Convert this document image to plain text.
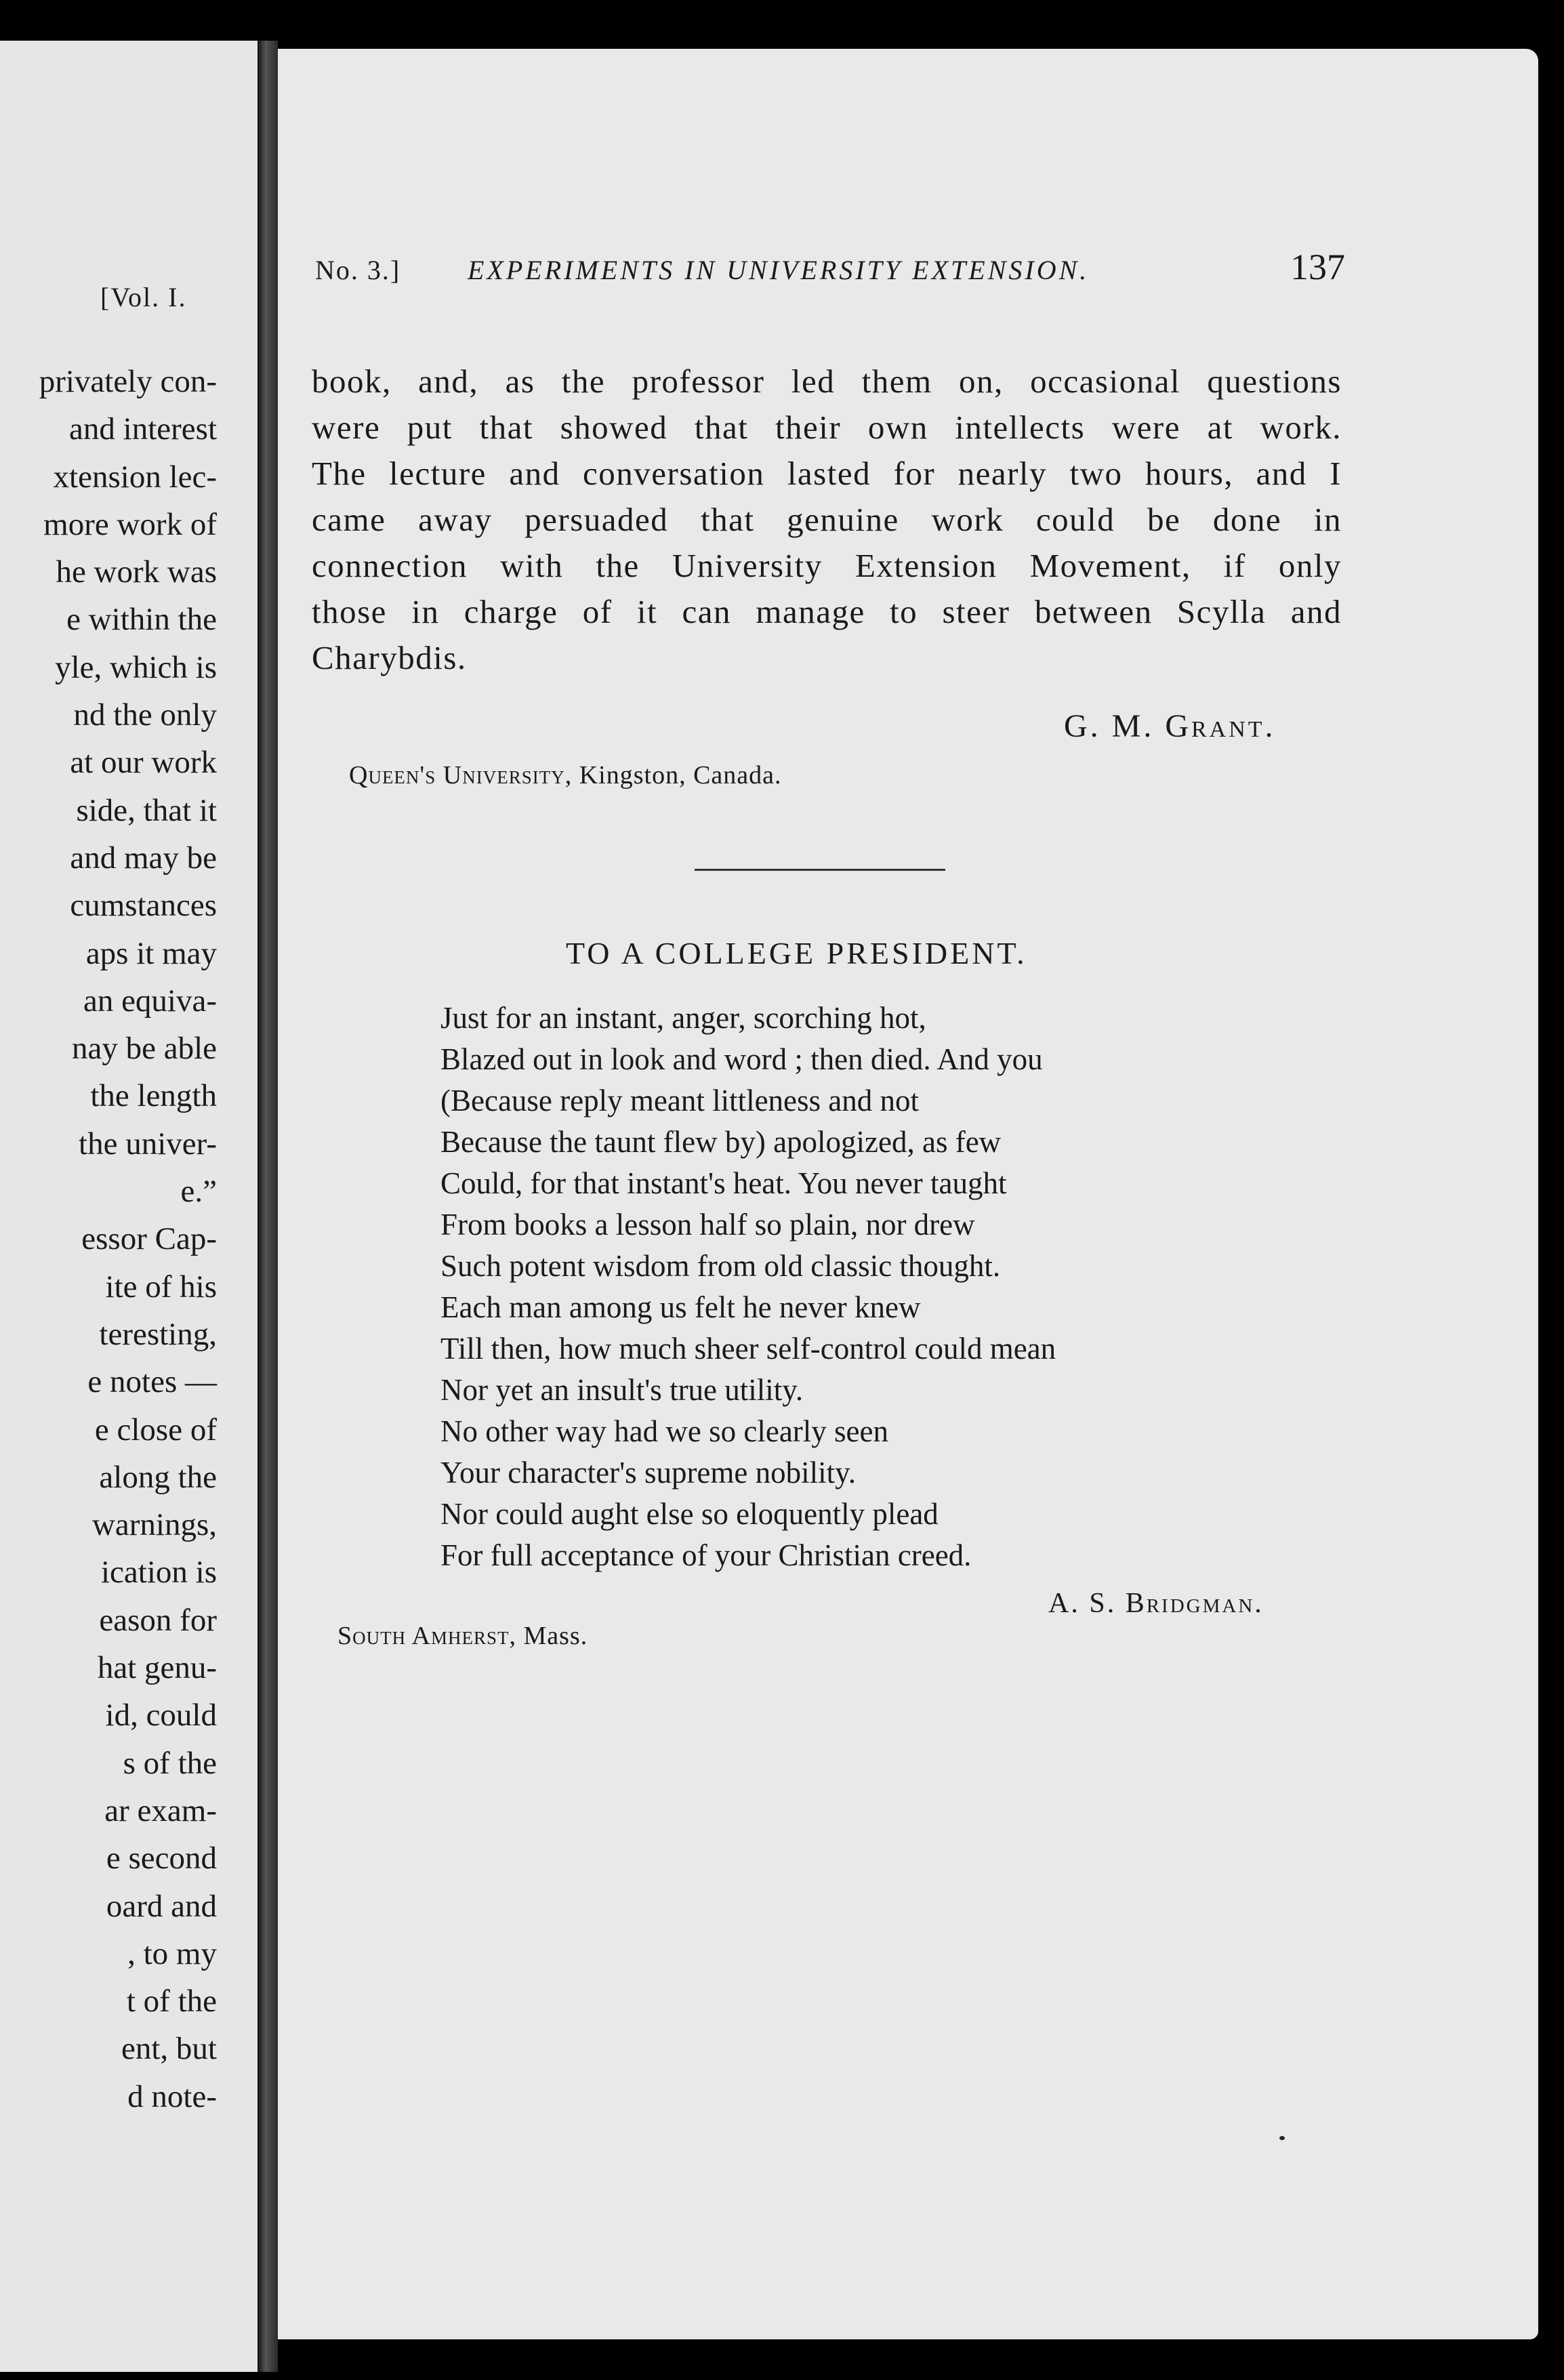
[Vol. I.
privately con-
and interest
xtension lec-
more work of
he work was
e within the
yle, which is
nd the only
at our work
side, that it
and may be
cumstances
aps it may
an equiva-
nay be able
the length
the univer-
e.”
essor Cap-
ite of his
teresting,
e notes —
e close of
along the
warnings,
ication is
eason for
hat genu-
id, could
s of the
ar exam-
e second
oard and
, to my
t of the
ent, but
d note-
No. 3.] EXPERIMENTS IN UNIVERSITY EXTENSION.	137
book, and, as the professor led them on, occasional questions
were put that showed that their own intellects were at work.
The lecture and conversation lasted for nearly two hours, and I
came away persuaded that genuine work could be done in
connection with the University Extension Movement, if only
those in charge of it can manage to steer between Scylla and
Charybdis.
G. M. Grant.
Queen's University, Kingston, Canada.
TO A COLLEGE PRESIDENT.
Just for an instant, anger, scorching hot,
Blazed out in look and word ; then died. And you
(Because reply meant littleness and not
Because the taunt flew by) apologized, as few
Could, for that instant's heat. You never taught
From books a lesson half so plain, nor drew
Such potent wisdom from old classic thought.
Each man among us felt he never knew
Till then, how much sheer self-control could mean
Nor yet an insult's true utility.
No other way had we so clearly seen
Your character's supreme nobility.
Nor could aught else so eloquently plead
For full acceptance of your Christian creed.
A. S. Bridgman.
South Amherst, Mass.
